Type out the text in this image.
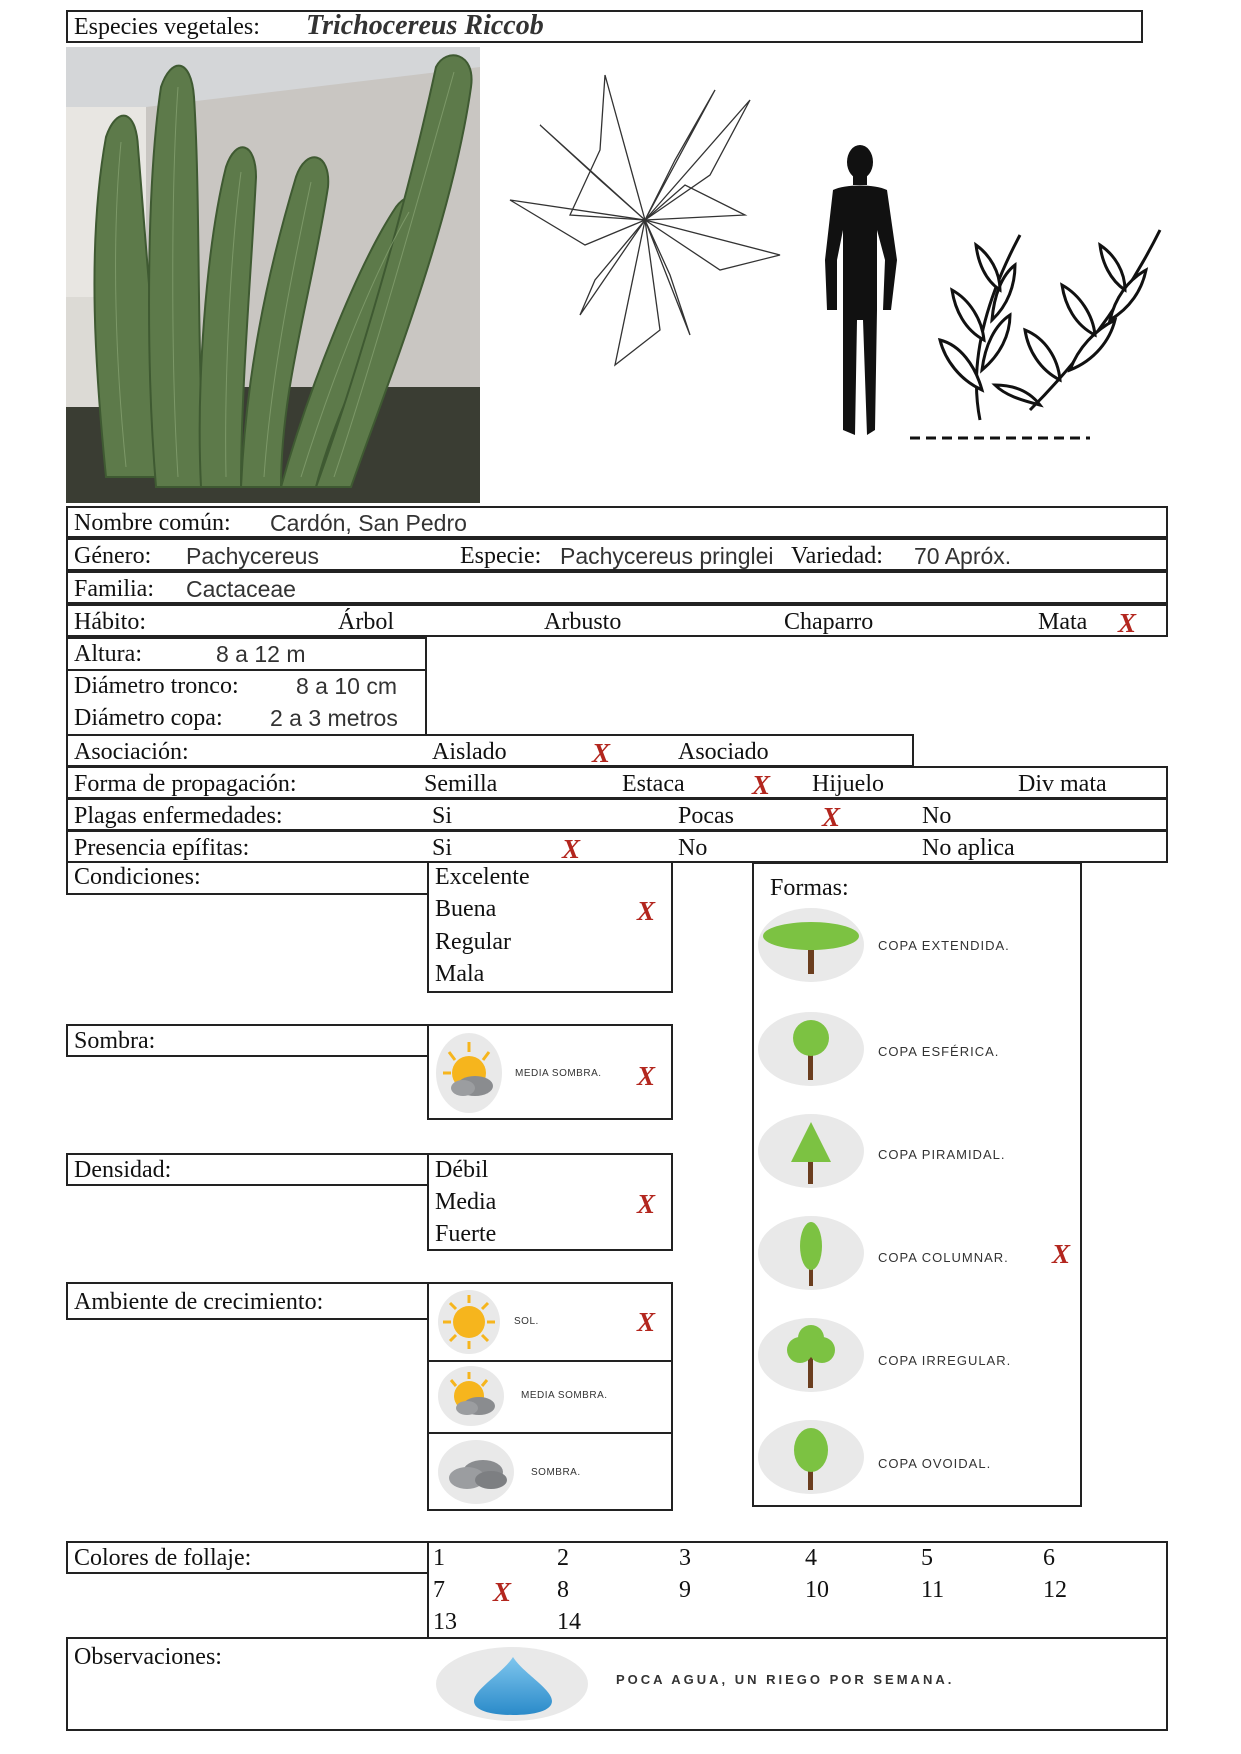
Especies vegetales: Trichocereus Riccob
Nombre común: Cardón, San Pedro
Género: Pachycereus	Especie: Pachycereus pringlei Variedad: 70 Apróx.
Familia: Cactaceae
Hábito:	Árbol	Arbusto	Chaparro	Mata X
Altura:	8 a 12 m
Diámetro tronco: 8 a 10 cm
Diámetro copa: 2 a 3 metros
Asociación:	Aislado	X	Asociado
Forma de propagación:	Semilla	Estaca X Hijuelo	Div mata
Plagas enfermedades:	Si	Pocas	X	No
Presencia epífitas:	Si	X	No	No aplica
Condiciones:	Excelente
Buena	X
Regular
Mala
Sombra:
MEDIA SOMBRA. X
Densidad:	Débil
Media	X
Fuerte
Ambiente de crecimiento:
SOL.	X
MEDIA SOMBRA.
SOMBRA.
Formas:
COPA EXTENDIDA.
COPA ESFÉRICA.
COPA PIRAMIDAL.
COPA COLUMNAR. X
COPA IRREGULAR.
COPA OVOIDAL.
Colores de follaje:	1	2	3	4	5	6
7 X 8	9	10	11	12
13	14
Observaciones:
POCA AGUA, UN RIEGO POR SEMANA.
